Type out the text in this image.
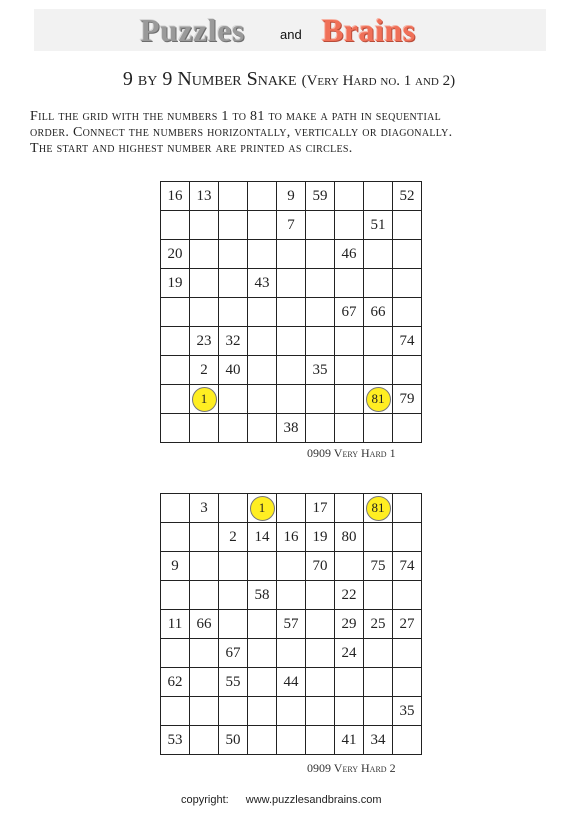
Puzzles	and Brains
9 by 9 Number Snake (Very Hard no. 1 and 2)
Fill the grid with the numbers 1 to 81 to make a path in sequential
order. Connect the numbers horizontally, vertically or diagonally.
The start and highest number are printed as circles.
16	13			9	59			52
				7			51	
20						46		
19			43					
						67	66	
	23	32						74
	2	40			35			
	1						81	79
				38				
0909 Very Hard 1
	3		1		17		81	
		2	14	16	19	80		
9					70		75	74
			58			22		
11	66			57		29	25	27
		67				24		
62		55		44				
								35
53		50				41	34	
0909 Very Hard 2
copyright: www.puzzlesandbrains.com
